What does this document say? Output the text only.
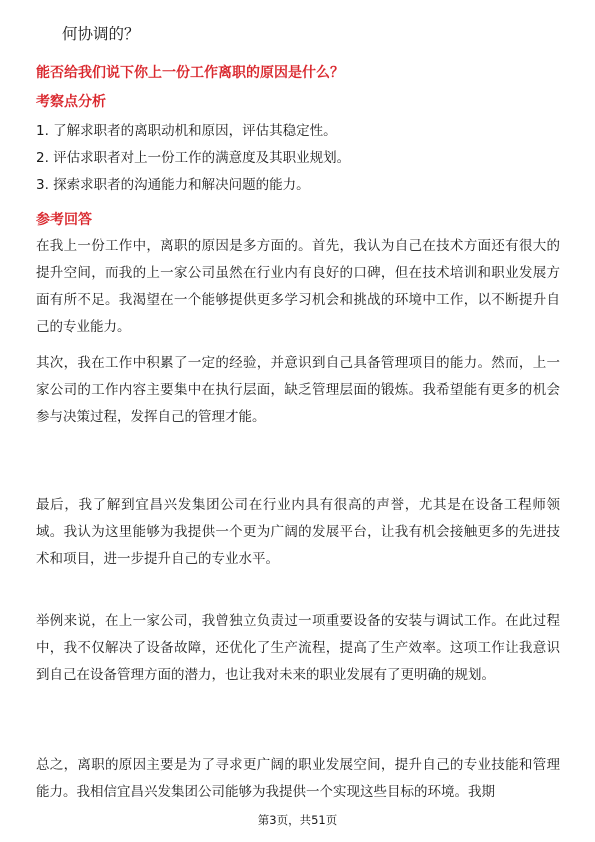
何协调的？
能否给我们说下你上一份工作离职的原因是什么？
考察点分析
1. 了解求职者的离职动机和原因，评估其稳定性。
2. 评估求职者对上一份工作的满意度及其职业规划。
3. 探索求职者的沟通能力和解决问题的能力。
参考回答

在我上一份工作中，离职的原因是多方面的。首先，我认为自己在技术方面还有很大的提升空间，而我的上一家公司虽然在行业内有良好的口碑，但在技术培训和职业发展方面有所不足。我渴望在一个能够提供更多学习机会和挑战的环境中工作，以不断提升自己的专业能力。

其次，我在工作中积累了一定的经验，并意识到自己具备管理项目的能力。然而，上一家公司的工作内容主要集中在执行层面，缺乏管理层面的锻炼。我希望能有更多的机会参与决策过程，发挥自己的管理才能。

最后，我了解到宜昌兴发集团公司在行业内具有很高的声誉，尤其是在设备工程师领域。我认为这里能够为我提供一个更为广阔的发展平台，让我有机会接触更多的先进技术和项目，进一步提升自己的专业水平。

举例来说，在上一家公司，我曾独立负责过一项重要设备的安装与调试工作。在此过程中，我不仅解决了设备故障，还优化了生产流程，提高了生产效率。这项工作让我意识到自己在设备管理方面的潜力，也让我对未来的职业发展有了更明确的规划。

总之，离职的原因主要是为了寻求更广阔的职业发展空间，提升自己的专业技能和管理能力。我相信宜昌兴发集团公司能够为我提供一个实现这些目标的环境。我期

第3页，共51页
